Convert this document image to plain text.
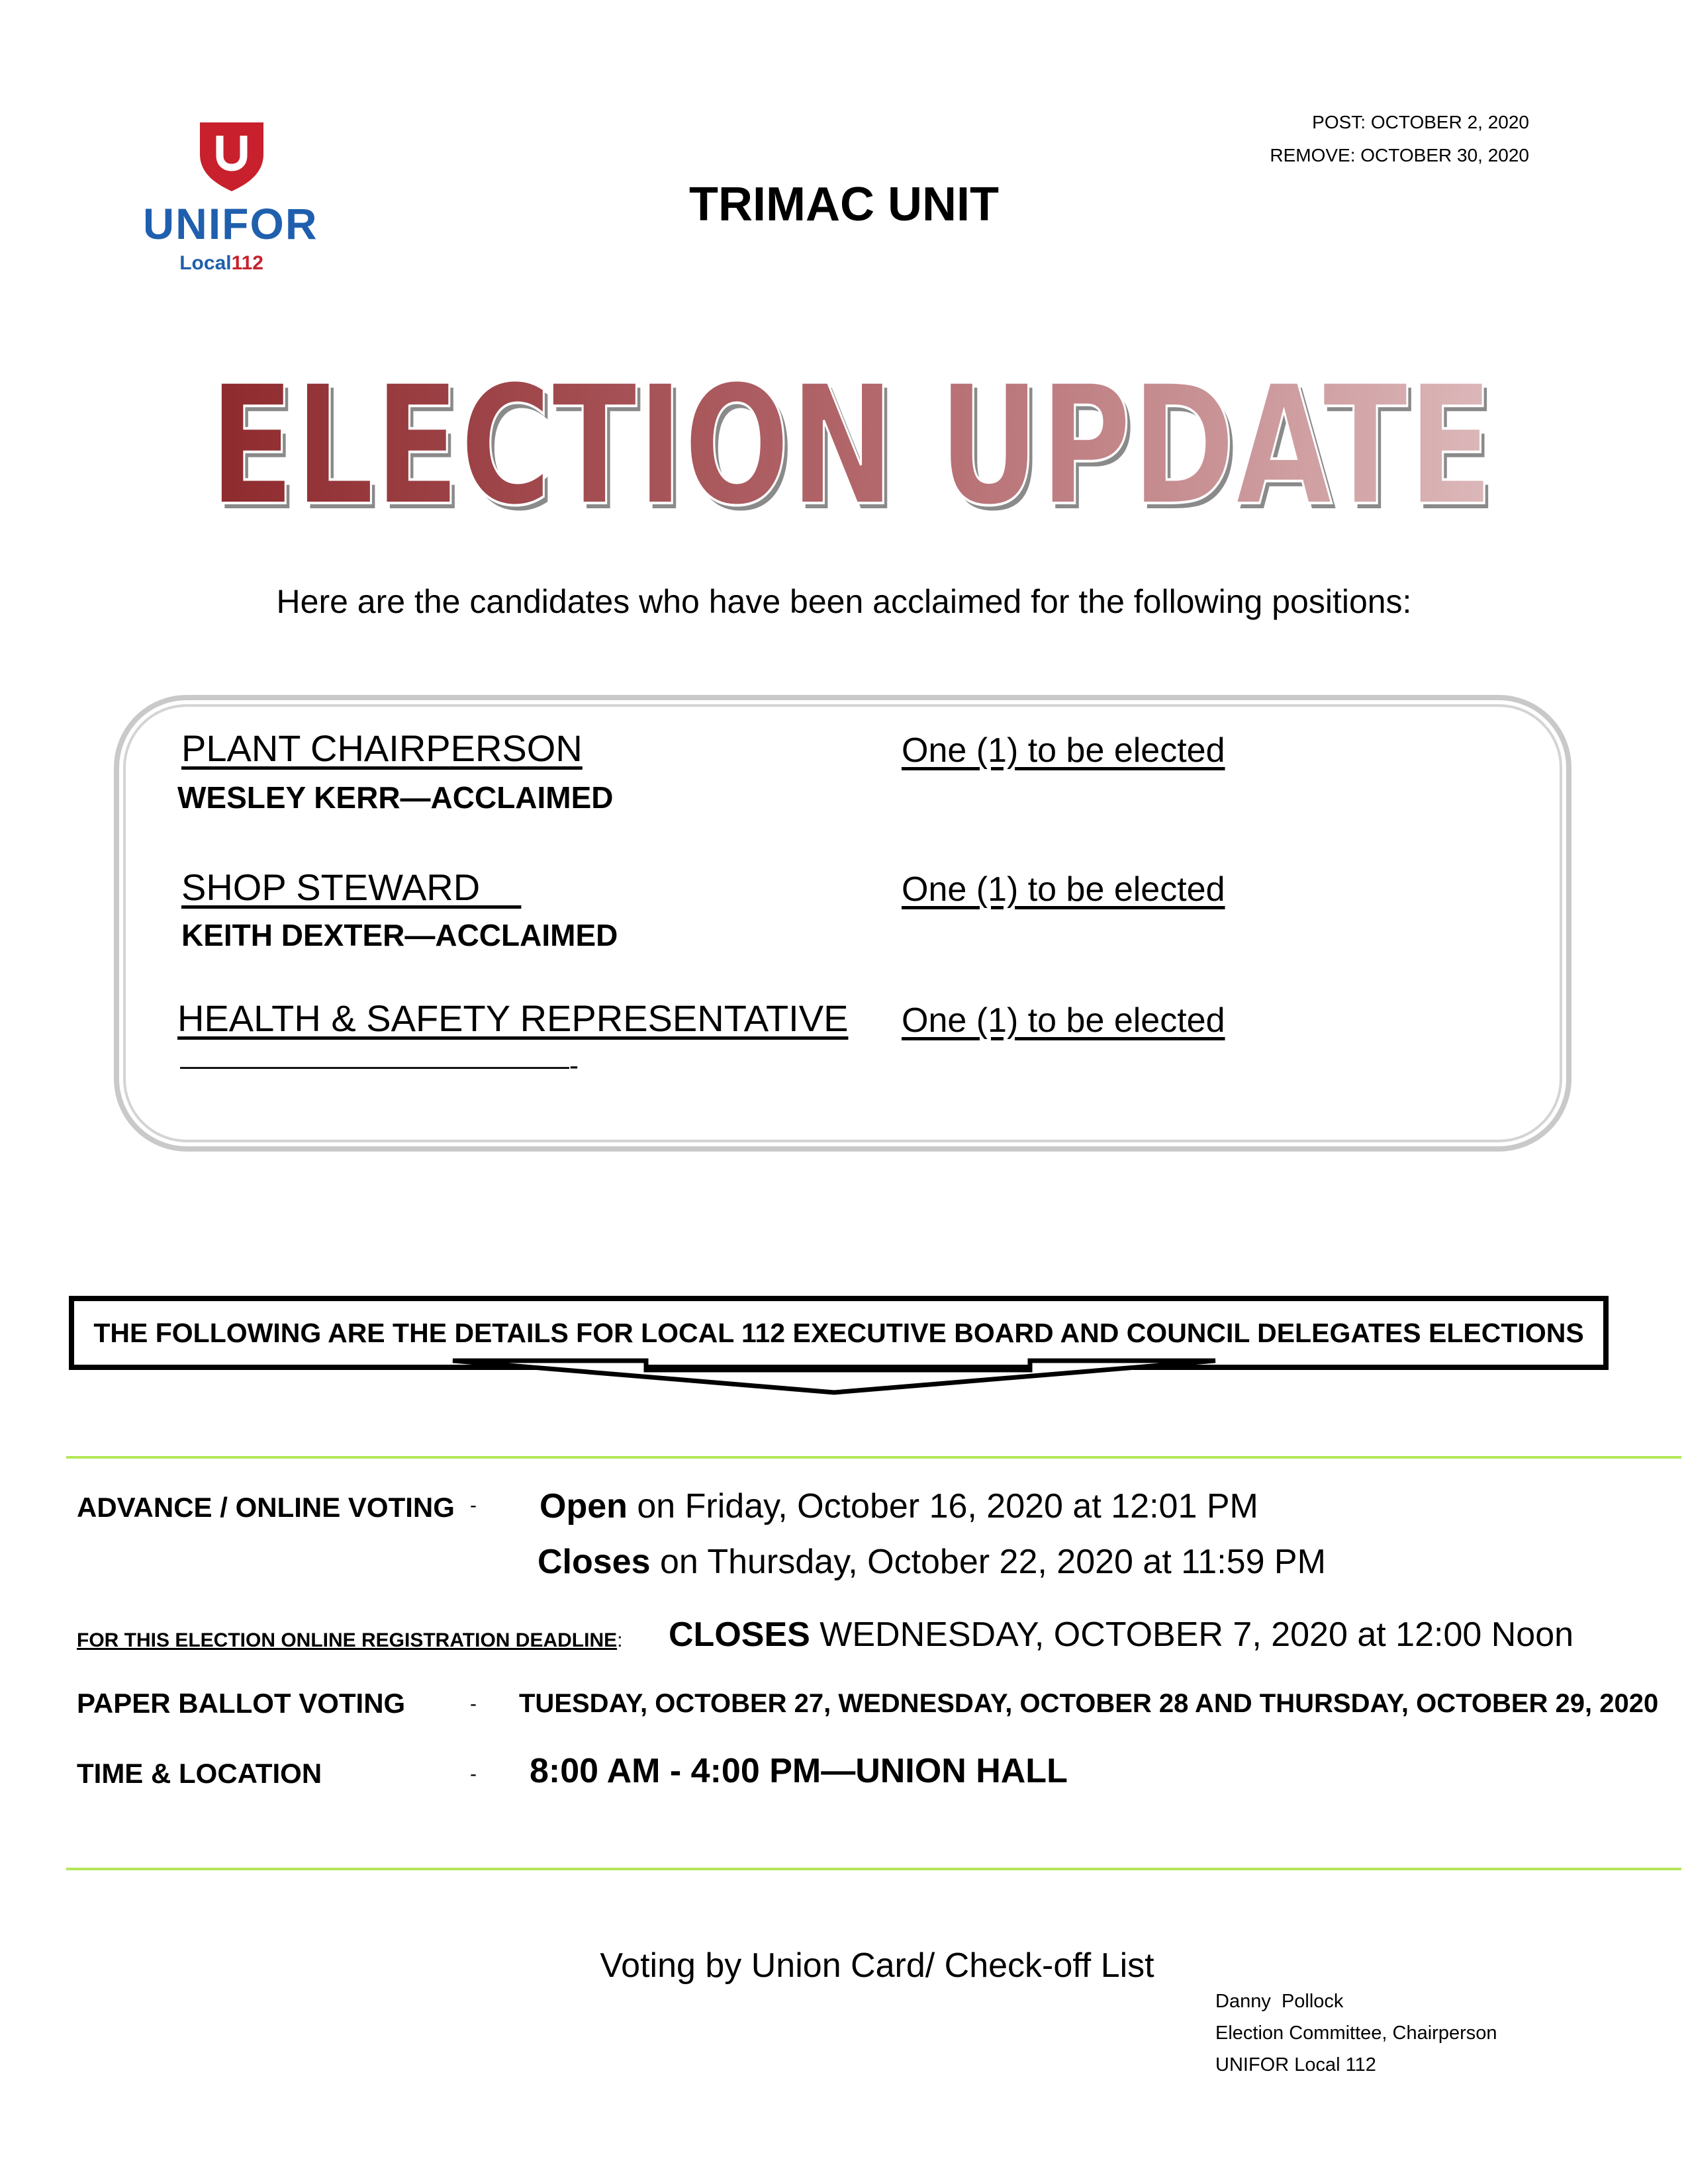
POST: OCTOBER 2, 2020
REMOVE: OCTOBER 30, 2020
UNIFOR
Local112
TRIMAC UNIT
ELECTION UPDATE
ELECTION UPDATE
Here are the candidates who have been acclaimed for the following positions:
PLANT CHAIRPERSON
WESLEY KERR—ACCLAIMED
One (1) to be elected
SHOP STEWARD
KEITH DEXTER—ACCLAIMED
One (1) to be elected
HEALTH & SAFETY REPRESENTATIVE
——————————————-
One (1) to be elected
THE FOLLOWING ARE THE DETAILS FOR LOCAL 112 EXECUTIVE BOARD AND COUNCIL DELEGATES ELECTIONS
ADVANCE / ONLINE VOTING - Open on Friday, October 16, 2020 at 12:01 PM
Closes on Thursday, October 22, 2020 at 11:59 PM
FOR THIS ELECTION ONLINE REGISTRATION DEADLINE: CLOSES WEDNESDAY, OCTOBER 7, 2020 at 12:00 Noon
PAPER BALLOT VOTING	- TUESDAY, OCTOBER 27, WEDNESDAY, OCTOBER 28 AND THURSDAY, OCTOBER 29, 2020
TIME & LOCATION	- 8:00 AM - 4:00 PM—UNION HALL
Voting by Union Card/ Check-off List
Danny  Pollock
Election Committee, Chairperson
UNIFOR Local 112
